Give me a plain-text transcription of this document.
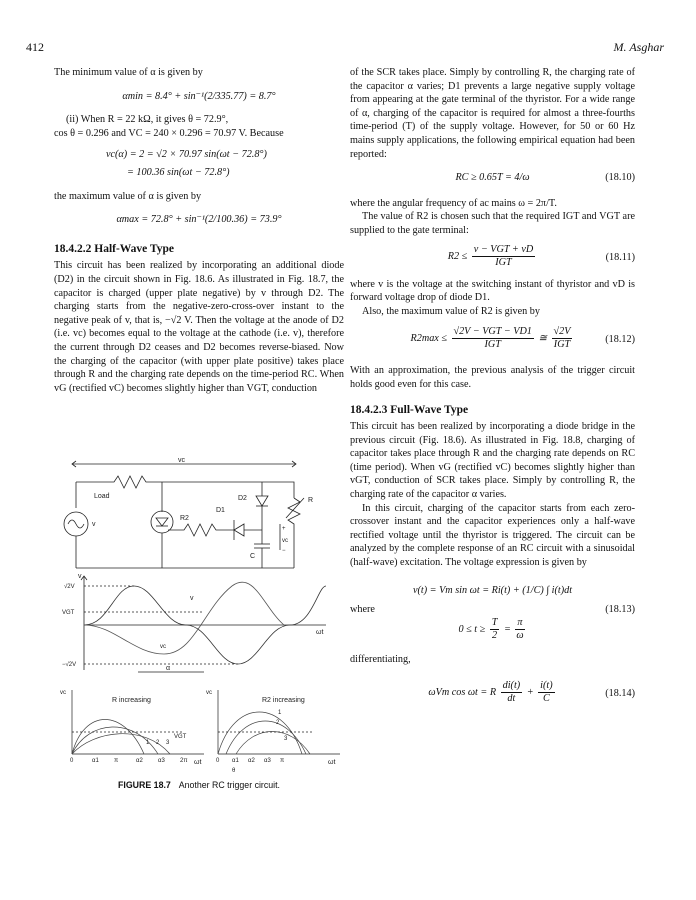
412	M. Asghar

The minimum value of α is given by

αmin = 8.4° + sin⁻¹(2/335.77) = 8.7°

(ii) When R = 22 kΩ, it gives θ = 72.9°,

cos θ = 0.296 and VC = 240 × 0.296 = 70.97 V. Because

vc(α) = 2 = √2 × 70.97 sin(ωt − 72.8°)

= 100.36 sin(ωt − 72.8°)

the maximum value of α is given by

αmax = 72.8° + sin⁻¹(2/100.36) = 73.9°

18.4.2.2 Half-Wave Type

This circuit has been realized by incorporating an additional diode (D2) in the circuit shown in Fig. 18.6. As illustrated in Fig. 18.7, the capacitor is charged (upper plate negative) by v through D2. The charging starts from the negative-zero-cross-over instant to the negative peak of v, that is, −√2 V. Then the voltage at the anode of D2 (i.e. vc) becomes equal to the voltage at the cathode (i.e. v), therefore the current through D2 ceases and D2 becomes reverse-biased. Now the charging of the capacitor (with upper plate positive) takes place through R and the charging rate depends on the time-period RC. When vG (rectified vC) becomes slightly higher than VGT, conduction

of the SCR takes place. Simply by controlling R, the charging rate of the capacitor α varies; D1 prevents a large negative supply voltage from appearing at the gate terminal of the thyristor. For a wide range of α, charging of the capacitor is required for almost a three-fourths time-period (T) of the supply voltage. However, for 50 or 60 Hz mains supply applications, the following empirical equation had been reported:

RC ≥ 0.65T = 4/ω	(18.10)

where the angular frequency of ac mains ω = 2π/T.

The value of R2 is chosen such that the required IGT and VGT are supplied to the gate terminal:

$R2 \le \frac{\text{v − VGT + vD}}{\text{IGT}}$	(18.11)

where v is the voltage at the switching instant of thyristor and vD is forward voltage drop of diode D1.

Also, the maximum value of R2 is given by

$R2\max \le \frac{\text{√2V − VGT − VD1}}{\text{IGT}}$ ≅ $\frac{√2V}{\text{IGT}}$	(18.12)

With an approximation, the previous analysis of the trigger circuit holds good even for this case.

18.4.2.3 Full-Wave Type

This circuit has been realized by incorporating a diode bridge in the previous circuit (Fig. 18.6). As illustrated in Fig. 18.8, charging of capacitor takes place through R and the charging rate depends on RC (time period). When vG (rectified vC) becomes slightly higher than vGT, conduction of SCR takes place. Simply by controlling R, the charging rate of the capacitor α varies.

In this circuit, charging of the capacitor starts from each zero-crossover instant and the capacitor experiences only a half-wave rectified voltage until the thyristor is triggered. The circuit can be analyzed by the complete response of an RC circuit with a sinusoidal (half-wave) excitation. The voltage expression is given by

v(t) = Vm sin ωt = Ri(t) + (1/C) ∫ i(t)dt
where	(18.13)
$0 \le t \ge \frac{T}{2} = \frac{\pi}{\omega}$

differentiating,

ωVm cos ωt = R $\frac{di(t)}{dt} + \frac{i(t)}{C}$	(18.14)
vc
Load
v
R2
D1
D2
C
R
+
vc
−
v
√2V
v
VGT
ωt
vc
−√2V	α
vc
R increasing
VGT
1 2 3
ωt
0	α1	π	α2	α3	2π
vc
R2 increasing
1
2
3
ωt
θ
0 α1 α2 α3 π
FIGURE 18.7 Another RC trigger circuit.
